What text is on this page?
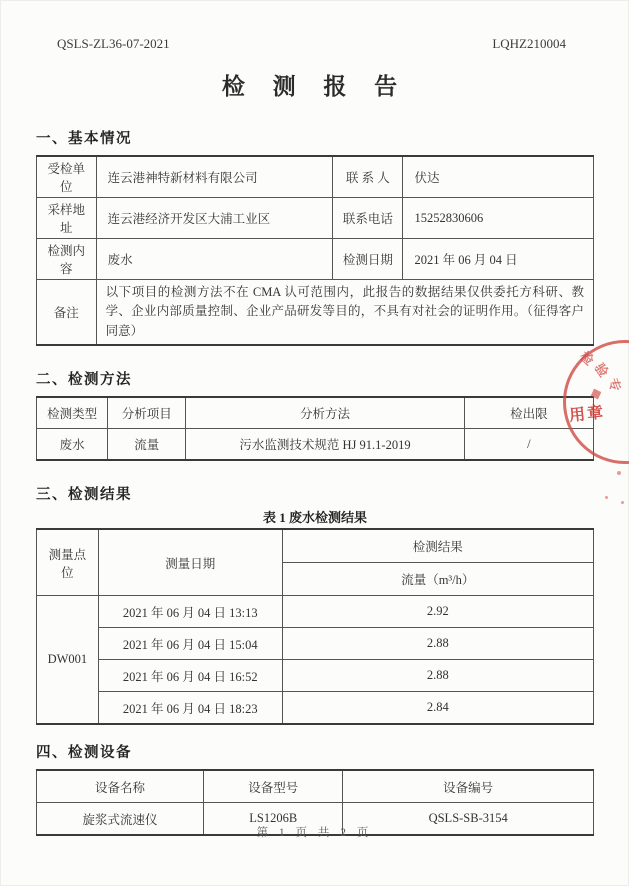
QSLS-ZL36-07-2021	LQHZ210004
检 测 报 告
一、基本情况
受检单位	连云港神特新材料有限公司	联 系 人	伏达
采样地址	连云港经济开发区大浦工业区	联系电话	15252830606
检测内容	废水	检测日期	2021 年 06 月 04 日
备注	以下项目的检测方法不在 CMA 认可范围内，此报告的数据结果仅供委托方科研、教学、企业内部质量控制、企业产品研发等目的，不具有对社会的证明作用。（征得客户同意）		
二、检测方法
检测类型	分析项目	分析方法	检出限
废水	流量	污水监测技术规范 HJ 91.1-2019	/
三、检测结果
表 1 废水检测结果
测量点位	测量日期	检测结果
		流量（m³/h）
DW001	2021 年 06 月 04 日 13:13	2.92
	2021 年 06 月 04 日 15:04	2.88
	2021 年 06 月 04 日 16:52	2.88
	2021 年 06 月 04 日 18:23	2.84
四、检测设备
设备名称	设备型号	设备编号
旋浆式流速仪	LS1206B	QSLS-SB-3154
检
验
专
用章
第 1 页 共 2 页
